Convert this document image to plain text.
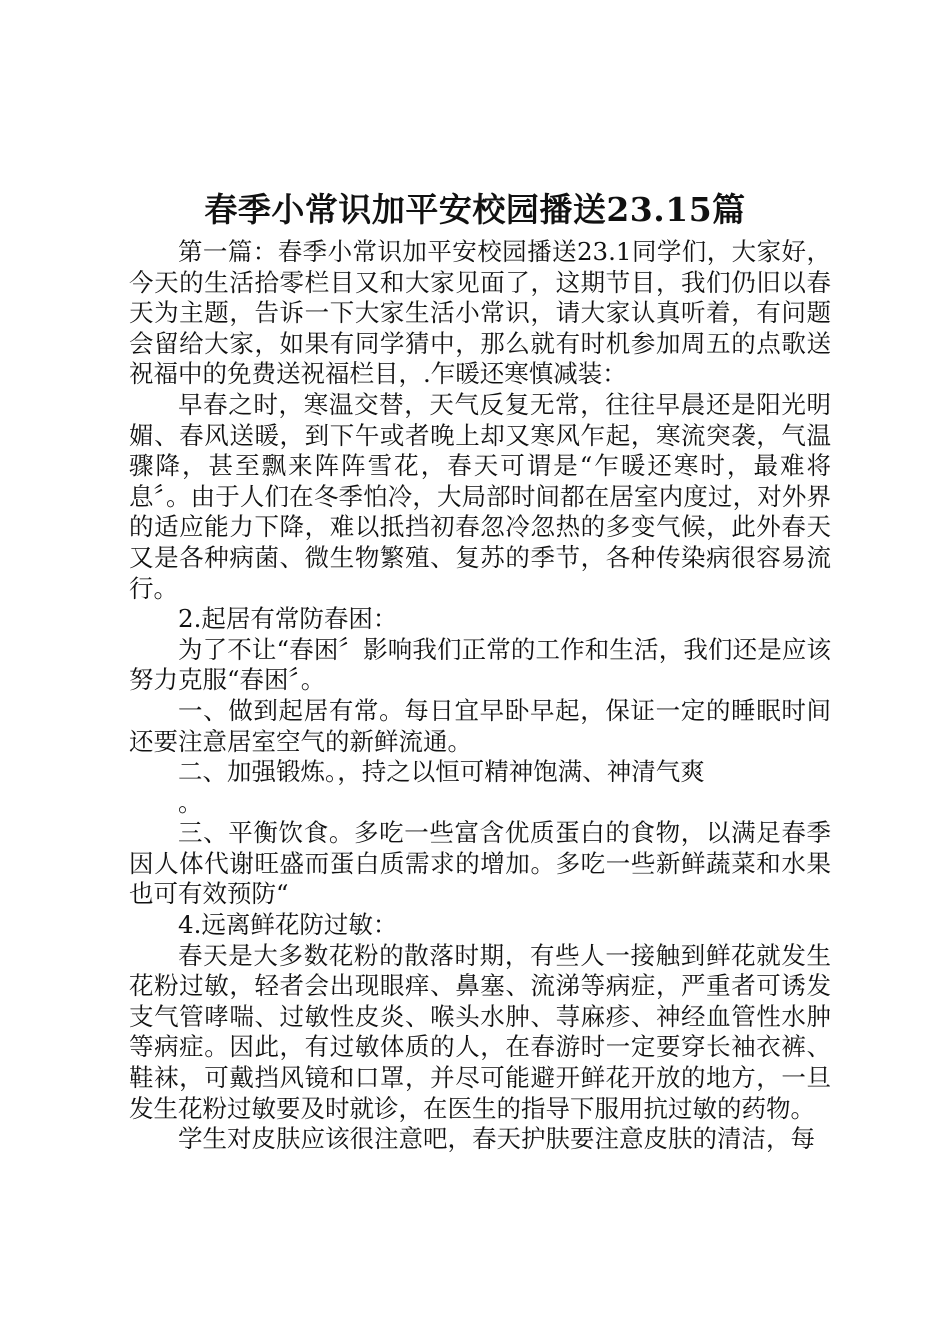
春季小常识加平安校园播送23.15篇

第一篇：春季小常识加平安校园播送23.1同学们，大家好，今天的生活拾零栏目又和大家见面了，这期节目，我们仍旧以春天为主题，告诉一下大家生活小常识，请大家认真听着，有问题会留给大家，如果有同学猜中，那么就有时机参加周五的点歌送祝福中的免费送祝福栏目，.乍暖还寒慎减装：

早春之时，寒温交替，天气反复无常，往往早晨还是阳光明媚、春风送暖，到下午或者晚上却又寒风乍起，寒流突袭，气温骤降，甚至飘来阵阵雪花，春天可谓是“乍暖还寒时，最难将息〞。由于人们在冬季怕冷，大局部时间都在居室内度过，对外界的适应能力下降，难以抵挡初春忽冷忽热的多变气候，此外春天又是各种病菌、微生物繁殖、复苏的季节，各种传染病很容易流行。

2.起居有常防春困：

为了不让“春困〞影响我们正常的工作和生活，我们还是应该努力克服“春困〞。

一、做到起居有常。每日宜早卧早起，保证一定的睡眠时间还要注意居室空气的新鲜流通。

二、加强锻炼。，持之以恒可精神饱满、神清气爽

。

三、平衡饮食。多吃一些富含优质蛋白的食物，以满足春季因人体代谢旺盛而蛋白质需求的增加。多吃一些新鲜蔬菜和水果也可有效预防“

4.远离鲜花防过敏：

春天是大多数花粉的散落时期，有些人一接触到鲜花就发生花粉过敏，轻者会出现眼痒、鼻塞、流涕等病症，严重者可诱发支气管哮喘、过敏性皮炎、喉头水肿、荨麻疹、神经血管性水肿等病症。因此，有过敏体质的人，在春游时一定要穿长袖衣裤、鞋袜，可戴挡风镜和口罩，并尽可能避开鲜花开放的地方，一旦发生花粉过敏要及时就诊，在医生的指导下服用抗过敏的药物。

学生对皮肤应该很注意吧，春天护肤要注意皮肤的清洁，每
